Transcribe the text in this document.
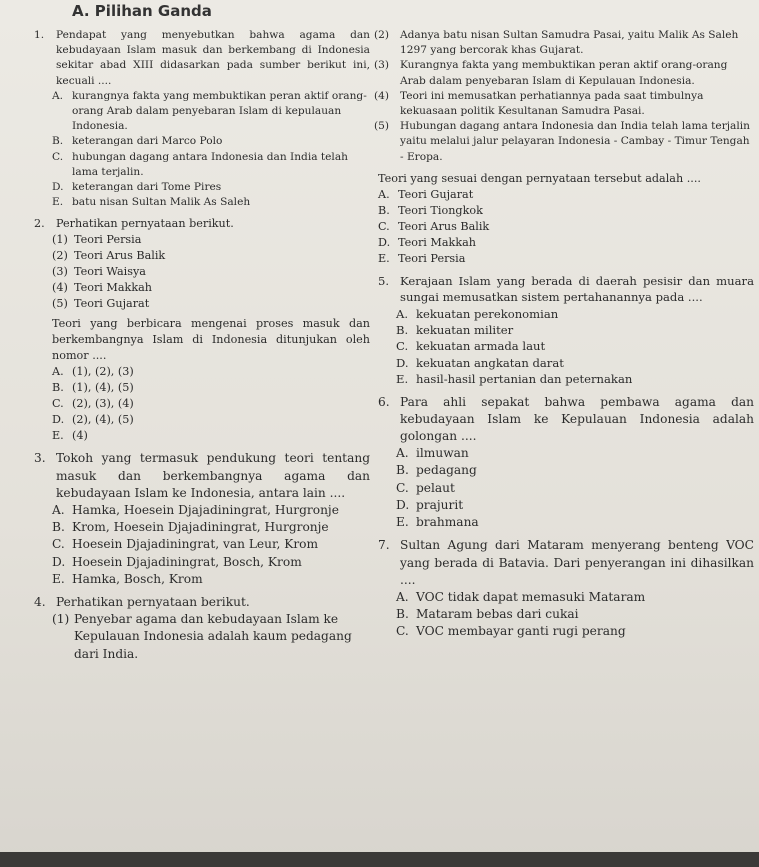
A. Pilihan Ganda
1.	Pendapat yang menyebutkan bahwa agama dan kebudayaan Islam masuk dan berkembang di Indonesia sekitar abad XIII didasarkan pada sumber berikut ini, kecuali ....
A. kurangnya fakta yang membuktikan peran aktif orang-orang Arab dalam penyebaran Islam di kepulauan Indonesia.
B. keterangan dari Marco Polo
C. hubungan dagang antara Indonesia dan India telah lama terjalin.
D. keterangan dari Tome Pires
E. batu nisan Sultan Malik As Saleh
2.	Perhatikan pernyataan berikut.
(1) Teori Persia
(2) Teori Arus Balik
(3) Teori Waisya
(4) Teori Makkah
(5) Teori Gujarat
Teori yang berbicara mengenai proses masuk dan berkembangnya Islam di Indonesia ditunjukan oleh nomor ....
A. (1), (2), (3)
B. (1), (4), (5)
C. (2), (3), (4)
D. (2), (4), (5)
E. (4)
3. Tokoh yang termasuk pendukung teori tentang masuk dan berkembangnya agama dan kebudayaan Islam ke Indonesia, antara lain ....
A. Hamka, Hoesein Djajadiningrat, Hurgronje
B. Krom, Hoesein Djajadiningrat, Hurgronje
C. Hoesein Djajadiningrat, van Leur, Krom
D. Hoesein Djajadiningrat, Bosch, Krom
E. Hamka, Bosch, Krom
4. Perhatikan pernyataan berikut.
(1) Penyebar agama dan kebudayaan Islam ke Kepulauan Indonesia adalah kaum pedagang dari India.
(2)	Adanya batu nisan Sultan Samudra Pasai, yaitu Malik As Saleh 1297 yang bercorak khas Gujarat.
(3)	Kurangnya fakta yang membuktikan peran aktif orang-orang Arab dalam penyebaran Islam di Kepulauan Indonesia.
(4)	Teori ini memusatkan perhatiannya pada saat timbulnya kekuasaan politik Kesultanan Samudra Pasai.
(5)	Hubungan dagang antara Indonesia dan India telah lama terjalin yaitu melalui jalur pelayaran Indonesia - Cambay - Timur Tengah - Eropa.
Teori yang sesuai dengan pernyataan tersebut adalah ....
A. Teori Gujarat
B. Teori Tiongkok
C. Teori Arus Balik
D. Teori Makkah
E. Teori Persia
5. Kerajaan Islam yang berada di daerah pesisir dan muara sungai memusatkan sistem pertahanannya pada ....
A. kekuatan perekonomian
B. kekuatan militer
C. kekuatan armada laut
D. kekuatan angkatan darat
E. hasil-hasil pertanian dan peternakan
6. Para ahli sepakat bahwa pembawa agama dan kebudayaan Islam ke Kepulauan Indonesia adalah golongan ....
A. ilmuwan
B. pedagang
C. pelaut
D. prajurit
E. brahmana
7. Sultan Agung dari Mataram menyerang benteng VOC yang berada di Batavia. Dari penyerangan ini dihasilkan ....
A. VOC tidak dapat memasuki Mataram
B. Mataram bebas dari cukai
C. VOC membayar ganti rugi perang
